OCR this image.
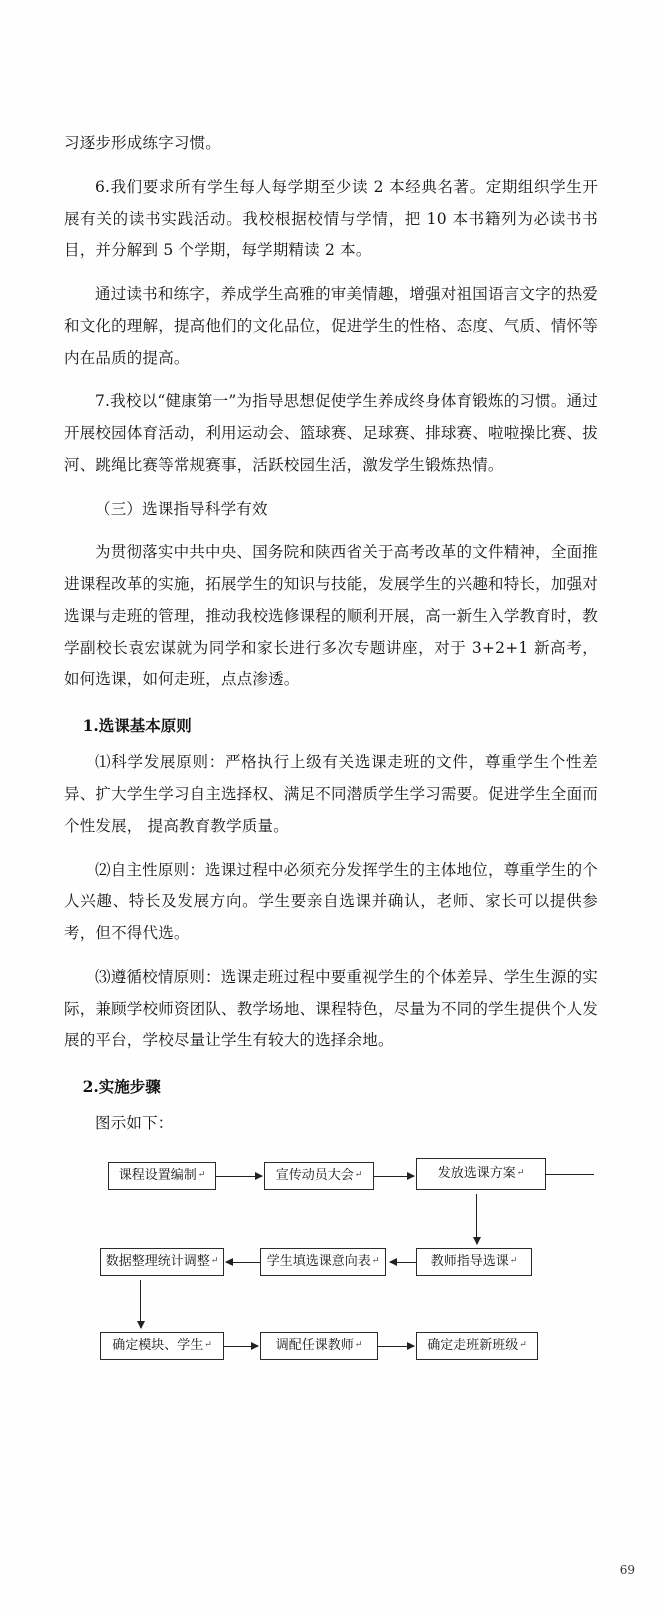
习逐步形成练字习惯。

6.我们要求所有学生每人每学期至少读 2 本经典名著。定期组织学生开展有关的读书实践活动。我校根据校情与学情，把 10 本书籍列为必读书书目，并分解到 5 个学期，每学期精读 2 本。

通过读书和练字，养成学生高雅的审美情趣，增强对祖国语言文字的热爱和文化的理解，提高他们的文化品位，促进学生的性格、态度、气质、情怀等内在品质的提高。

7.我校以“健康第一”为指导思想促使学生养成终身体育锻炼的习惯。通过开展校园体育活动，利用运动会、篮球赛、足球赛、排球赛、啦啦操比赛、拔河、跳绳比赛等常规赛事，活跃校园生活，激发学生锻炼热情。

（三）选课指导科学有效

为贯彻落实中共中央、国务院和陕西省关于高考改革的文件精神，全面推进课程改革的实施，拓展学生的知识与技能，发展学生的兴趣和特长，加强对选课与走班的管理，推动我校选修课程的顺利开展，高一新生入学教育时，教学副校长袁宏谋就为同学和家长进行多次专题讲座，对于 3+2+1 新高考，如何选课，如何走班，点点渗透。

1.选课基本原则

⑴科学发展原则：严格执行上级有关选课走班的文件，尊重学生个性差异、扩大学生学习自主选择权、满足不同潜质学生学习需要。促进学生全面而个性发展， 提高教育教学质量。

⑵自主性原则：选课过程中必须充分发挥学生的主体地位，尊重学生的个人兴趣、特长及发展方向。学生要亲自选课并确认，老师、家长可以提供参考，但不得代选。

⑶遵循校情原则：选课走班过程中要重视学生的个体差异、学生生源的实际，兼顾学校师资团队、教学场地、课程特色，尽量为不同的学生提供个人发展的平台，学校尽量让学生有较大的选择余地。

2.实施步骤

图示如下：

课程设置编制 ↵	宣传动员大会 ↵	发放选课方案 ↵
数据整理统计调整 ↵	学生填选课意向表 ↵	教师指导选课 ↵
确定模块、学生 ↵	调配任课教师 ↵	确定走班新班级 ↵
69
